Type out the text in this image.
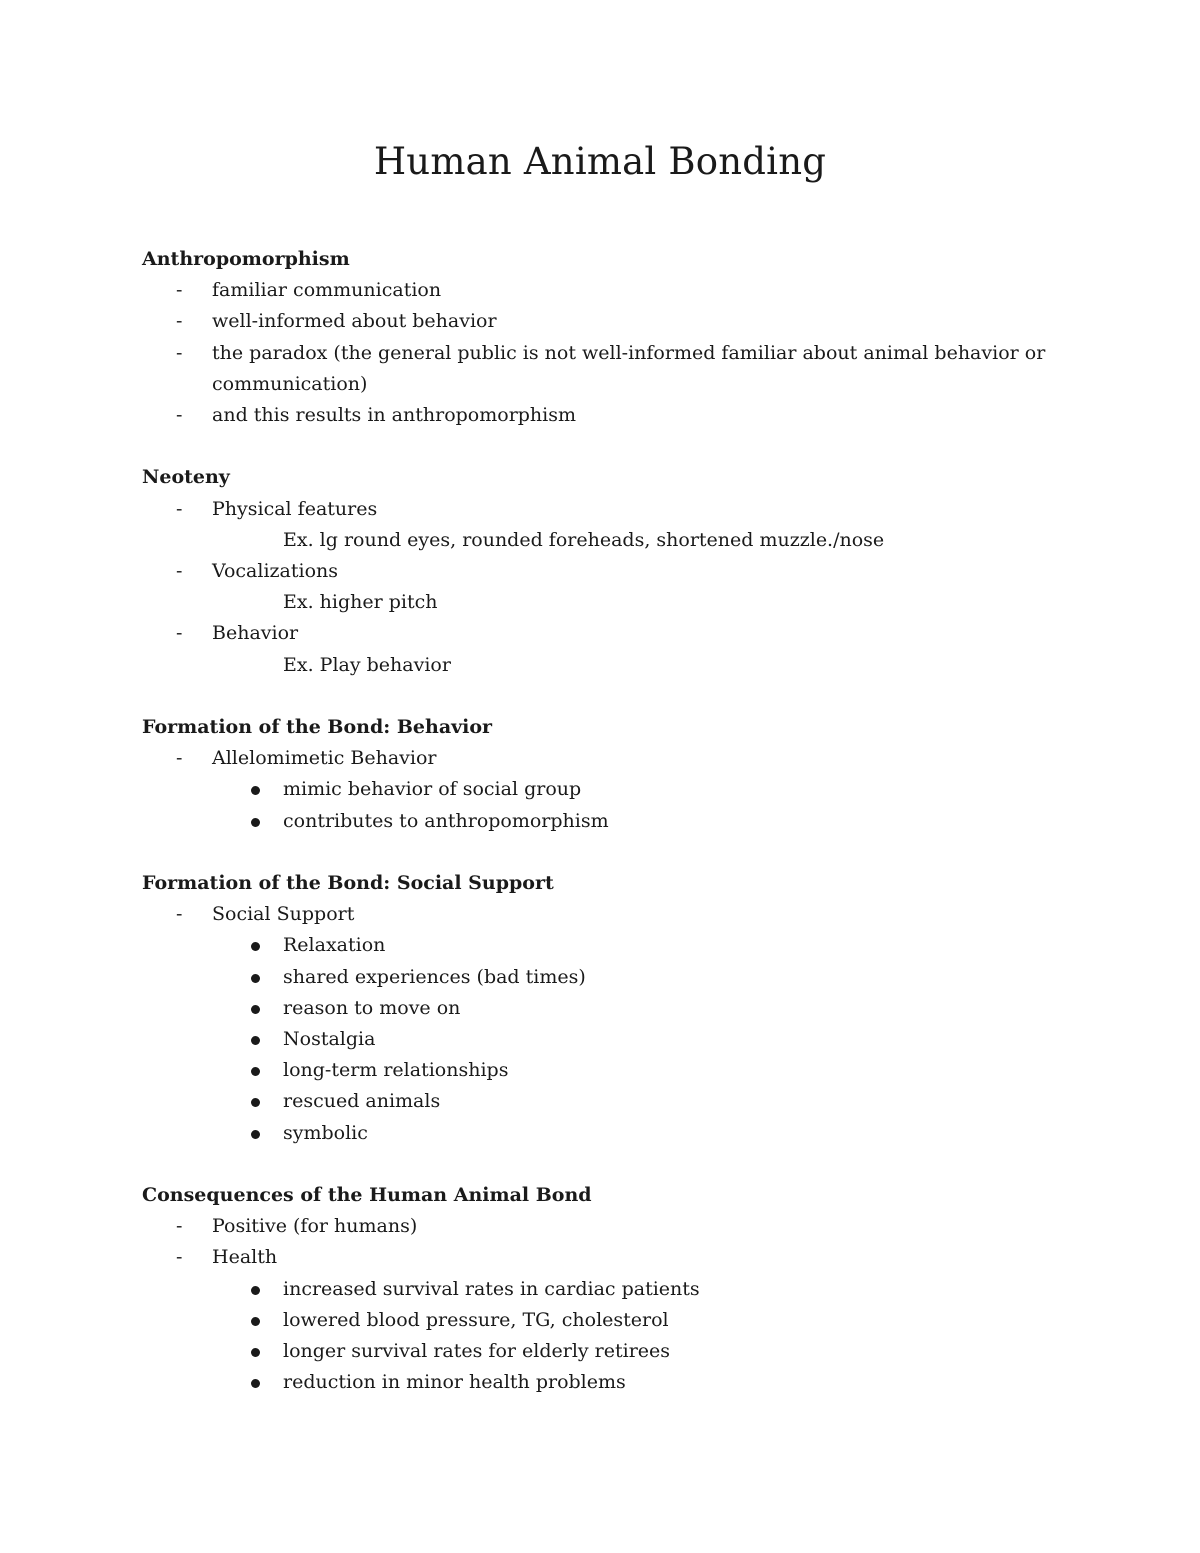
Human Animal Bonding

Anthropomorphism

- familiar communication

- well-informed about behavior

- the paradox (the general public is not well-informed familiar about animal behavior or communication)

- and this results in anthropomorphism

Neoteny

- Physical features

Ex. lg round eyes, rounded foreheads, shortened muzzle./nose

- Vocalizations

Ex. higher pitch

- Behavior

Ex. Play behavior

Formation of the Bond: Behavior

- Allelomimetic Behavior

mimic behavior of social group

contributes to anthropomorphism

Formation of the Bond: Social Support

- Social Support

Relaxation

shared experiences (bad times)

reason to move on

Nostalgia

long-term relationships

rescued animals

symbolic

Consequences of the Human Animal Bond

- Positive (for humans)

- Health

increased survival rates in cardiac patients

lowered blood pressure, TG, cholesterol

longer survival rates for elderly retirees

reduction in minor health problems
